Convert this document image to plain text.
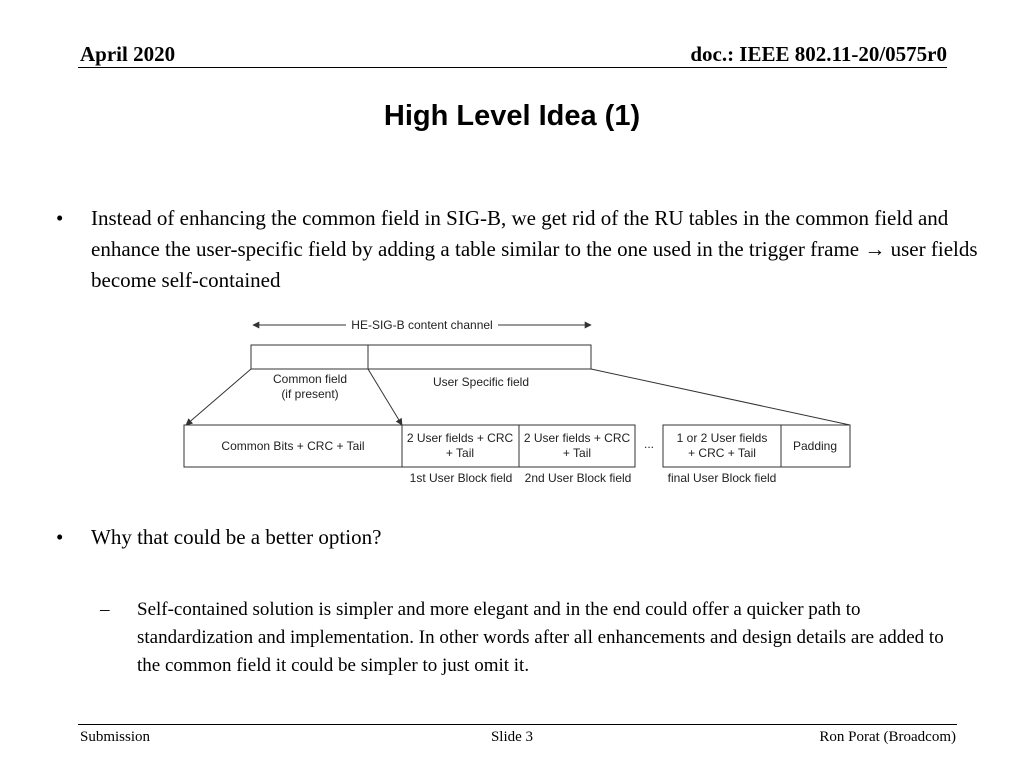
April 2020	doc.: IEEE 802.11-20/0575r0
High Level Idea (1)
• Instead of enhancing the common field in SIG-B, we get rid of the RU tables in the common field and enhance the user-specific field by adding a table similar to the one used in the trigger frame → user fields become self-contained
HE-SIG-B content channel
Common field
(if present)
User Specific field
Common Bits + CRC + Tail
2 User fields + CRC
+ Tail
2 User fields + CRC
+ Tail
... 1 or 2 User fields
+ CRC + Tail	Padding
1st User Block field 2nd User Block field	final User Block field
• Why that could be a better option?
– Self-contained solution is simpler and more elegant and in the end could offer a quicker path to standardization and implementation. In other words after all enhancements and design details are added to the common field it could be simpler to just omit it.
Submission	Slide 3	Ron Porat (Broadcom)
